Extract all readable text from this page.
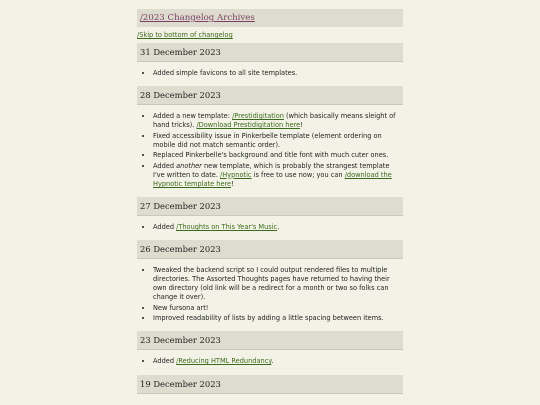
/2023 Changelog Archives
/Skip to bottom of changelog
31 December 2023
• Added simple favicons to all site templates.
28 December 2023
• Added a new template: /Prestidigitation (which basically means sleight of hand tricks). /Download Prestidigitation here!
• Fixed accessibility issue in Pinkerbelle template (element ordering on mobile did not match semantic order).
• Replaced Pinkerbelle's background and title font with much cuter ones.
• Added another new template, which is probably the strangest template I've written to date. /Hypnotic is free to use now; you can /download the Hypnotic template here!
27 December 2023
• Added /Thoughts on This Year's Music.
26 December 2023
• Tweaked the backend script so I could output rendered files to multiple directories. The Assorted Thoughts pages have returned to having their own directory (old link will be a redirect for a month or two so folks can change it over).
• New fursona art!
• Improved readability of lists by adding a little spacing between items.
23 December 2023
• Added /Reducing HTML Redundancy.
19 December 2023
